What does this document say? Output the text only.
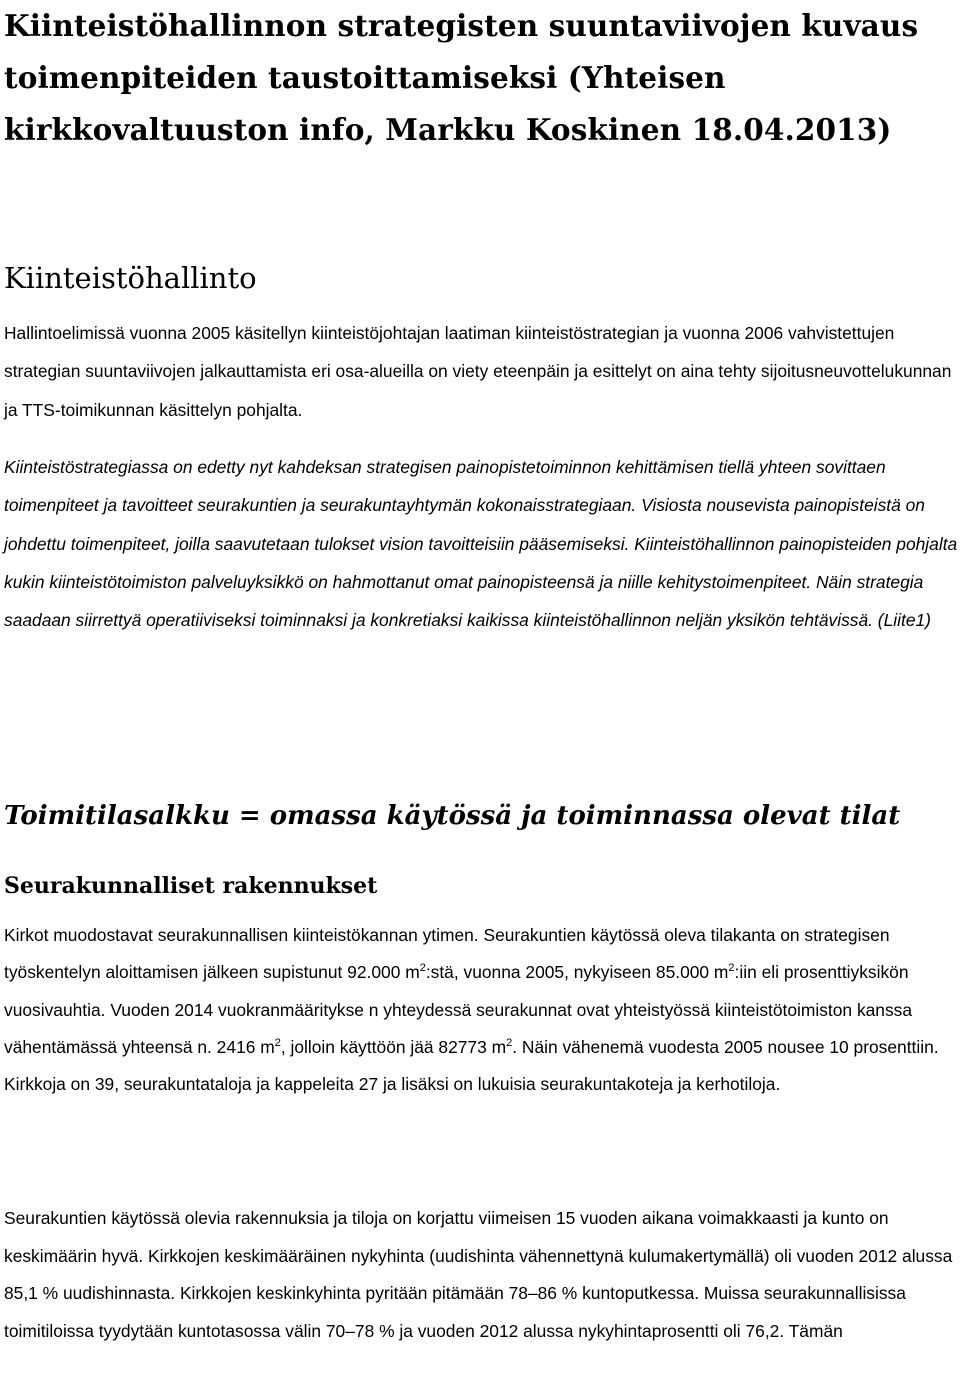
Kiinteistöhallinnon strategisten suuntaviivojen kuvaus toimenpiteiden taustoittamiseksi (Yhteisen kirkkovaltuuston info, Markku Koskinen 18.04.2013)
Kiinteistöhallinto

Hallintoelimissä vuonna 2005 käsitellyn kiinteistöjohtajan laatiman kiinteistöstrategian ja vuonna 2006 vahvistettujen strategian suuntaviivojen jalkauttamista eri osa-alueilla on viety eteenpäin ja esittelyt on aina tehty sijoitusneuvottelukunnan ja TTS-toimikunnan käsittelyn pohjalta.

Kiinteistöstrategiassa on edetty nyt kahdeksan strategisen painopistetoiminnon kehittämisen tiellä yhteen sovittaen toimenpiteet ja tavoitteet seurakuntien ja seurakuntayhtymän kokonaisstrategiaan. Visiosta nousevista painopisteistä on johdettu toimenpiteet, joilla saavutetaan tulokset vision tavoitteisiin pääsemiseksi. Kiinteistöhallinnon painopisteiden pohjalta kukin kiinteistötoimiston palveluyksikkö on hahmottanut omat painopisteensä ja niille kehitystoimenpiteet. Näin strategia saadaan siirrettyä operatiiviseksi toiminnaksi ja konkretiaksi kaikissa kiinteistöhallinnon neljän yksikön tehtävissä. (Liite1)

Toimitilasalkku = omassa käytössä ja toiminnassa olevat tilat
Seurakunnalliset rakennukset

Kirkot muodostavat seurakunnallisen kiinteistökannan ytimen. Seurakuntien käytössä oleva tilakanta on strategisen työskentelyn aloittamisen jälkeen supistunut 92.000 $m^2:stä$, vuonna 2005, nykyiseen 85.000 $m^2:iin$ eli prosenttiyksikön vuosivauhtia. Vuoden 2014 vuokranmääritykse n yhteydessä seurakunnat ovat yhteistyössä kiinteistötoimiston kanssa vähentämässä yhteensä n. 2416 $m^2$, jolloin käyttöön jää 82773 $m^2$. Näin vähenemä vuodesta 2005 nousee 10 prosenttiin. Kirkkoja on 39, seurakuntataloja ja kappeleita 27 ja lisäksi on lukuisia seurakuntakoteja ja kerhotiloja.

Seurakuntien käytössä olevia rakennuksia ja tiloja on korjattu viimeisen 15 vuoden aikana voimakkaasti ja kunto on keskimäärin hyvä. Kirkkojen keskimääräinen nykyhinta (uudishinta vähennettynä kulumakertymällä) oli vuoden 2012 alussa 85,1 % uudishinnasta. Kirkkojen keskinkyhinta pyritään pitämään 78–86 % kuntoputkessa. Muissa seurakunnallisissa toimitiloissa tyydytään kuntotasossa välin 70–78 % ja vuoden 2012 alussa nykyhintaprosentti oli 76,2. Tämän
